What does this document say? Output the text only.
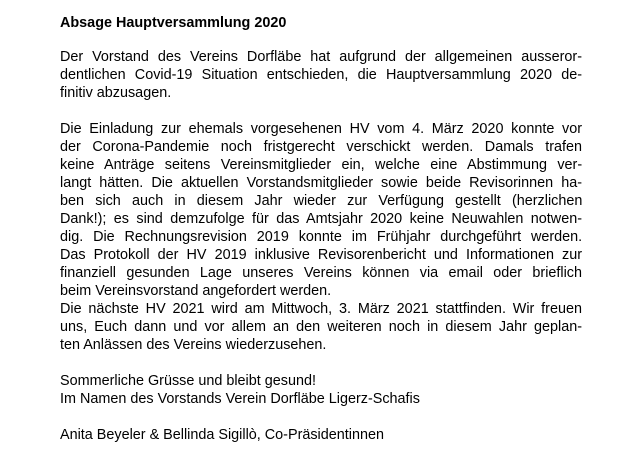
Absage Hauptversammlung 2020
Der Vorstand des Vereins Dorfläbe hat aufgrund der allgemeinen ausseror-
dentlichen Covid-19 Situation entschieden, die Hauptversammlung 2020 de-
finitiv abzusagen.
Die Einladung zur ehemals vorgesehenen HV vom 4. März 2020 konnte vor
der Corona-Pandemie noch fristgerecht verschickt werden. Damals trafen
keine Anträge seitens Vereinsmitglieder ein, welche eine Abstimmung ver-
langt hätten. Die aktuellen Vorstandsmitglieder sowie beide Revisorinnen ha-
ben sich auch in diesem Jahr wieder zur Verfügung gestellt (herzlichen
Dank!); es sind demzufolge für das Amtsjahr 2020 keine Neuwahlen notwen-
dig. Die Rechnungsrevision 2019 konnte im Frühjahr durchgeführt werden.
Das Protokoll der HV 2019 inklusive Revisorenbericht und Informationen zur
finanziell gesunden Lage unseres Vereins können via email oder brieflich
beim Vereinsvorstand angefordert werden.
Die nächste HV 2021 wird am Mittwoch, 3. März 2021 stattfinden. Wir freuen
uns, Euch dann und vor allem an den weiteren noch in diesem Jahr geplan-
ten Anlässen des Vereins wiederzusehen.
Sommerliche Grüsse und bleibt gesund!
Im Namen des Vorstands Verein Dorfläbe Ligerz-Schafis
Anita Beyeler & Bellinda Sigillò, Co-Präsidentinnen
